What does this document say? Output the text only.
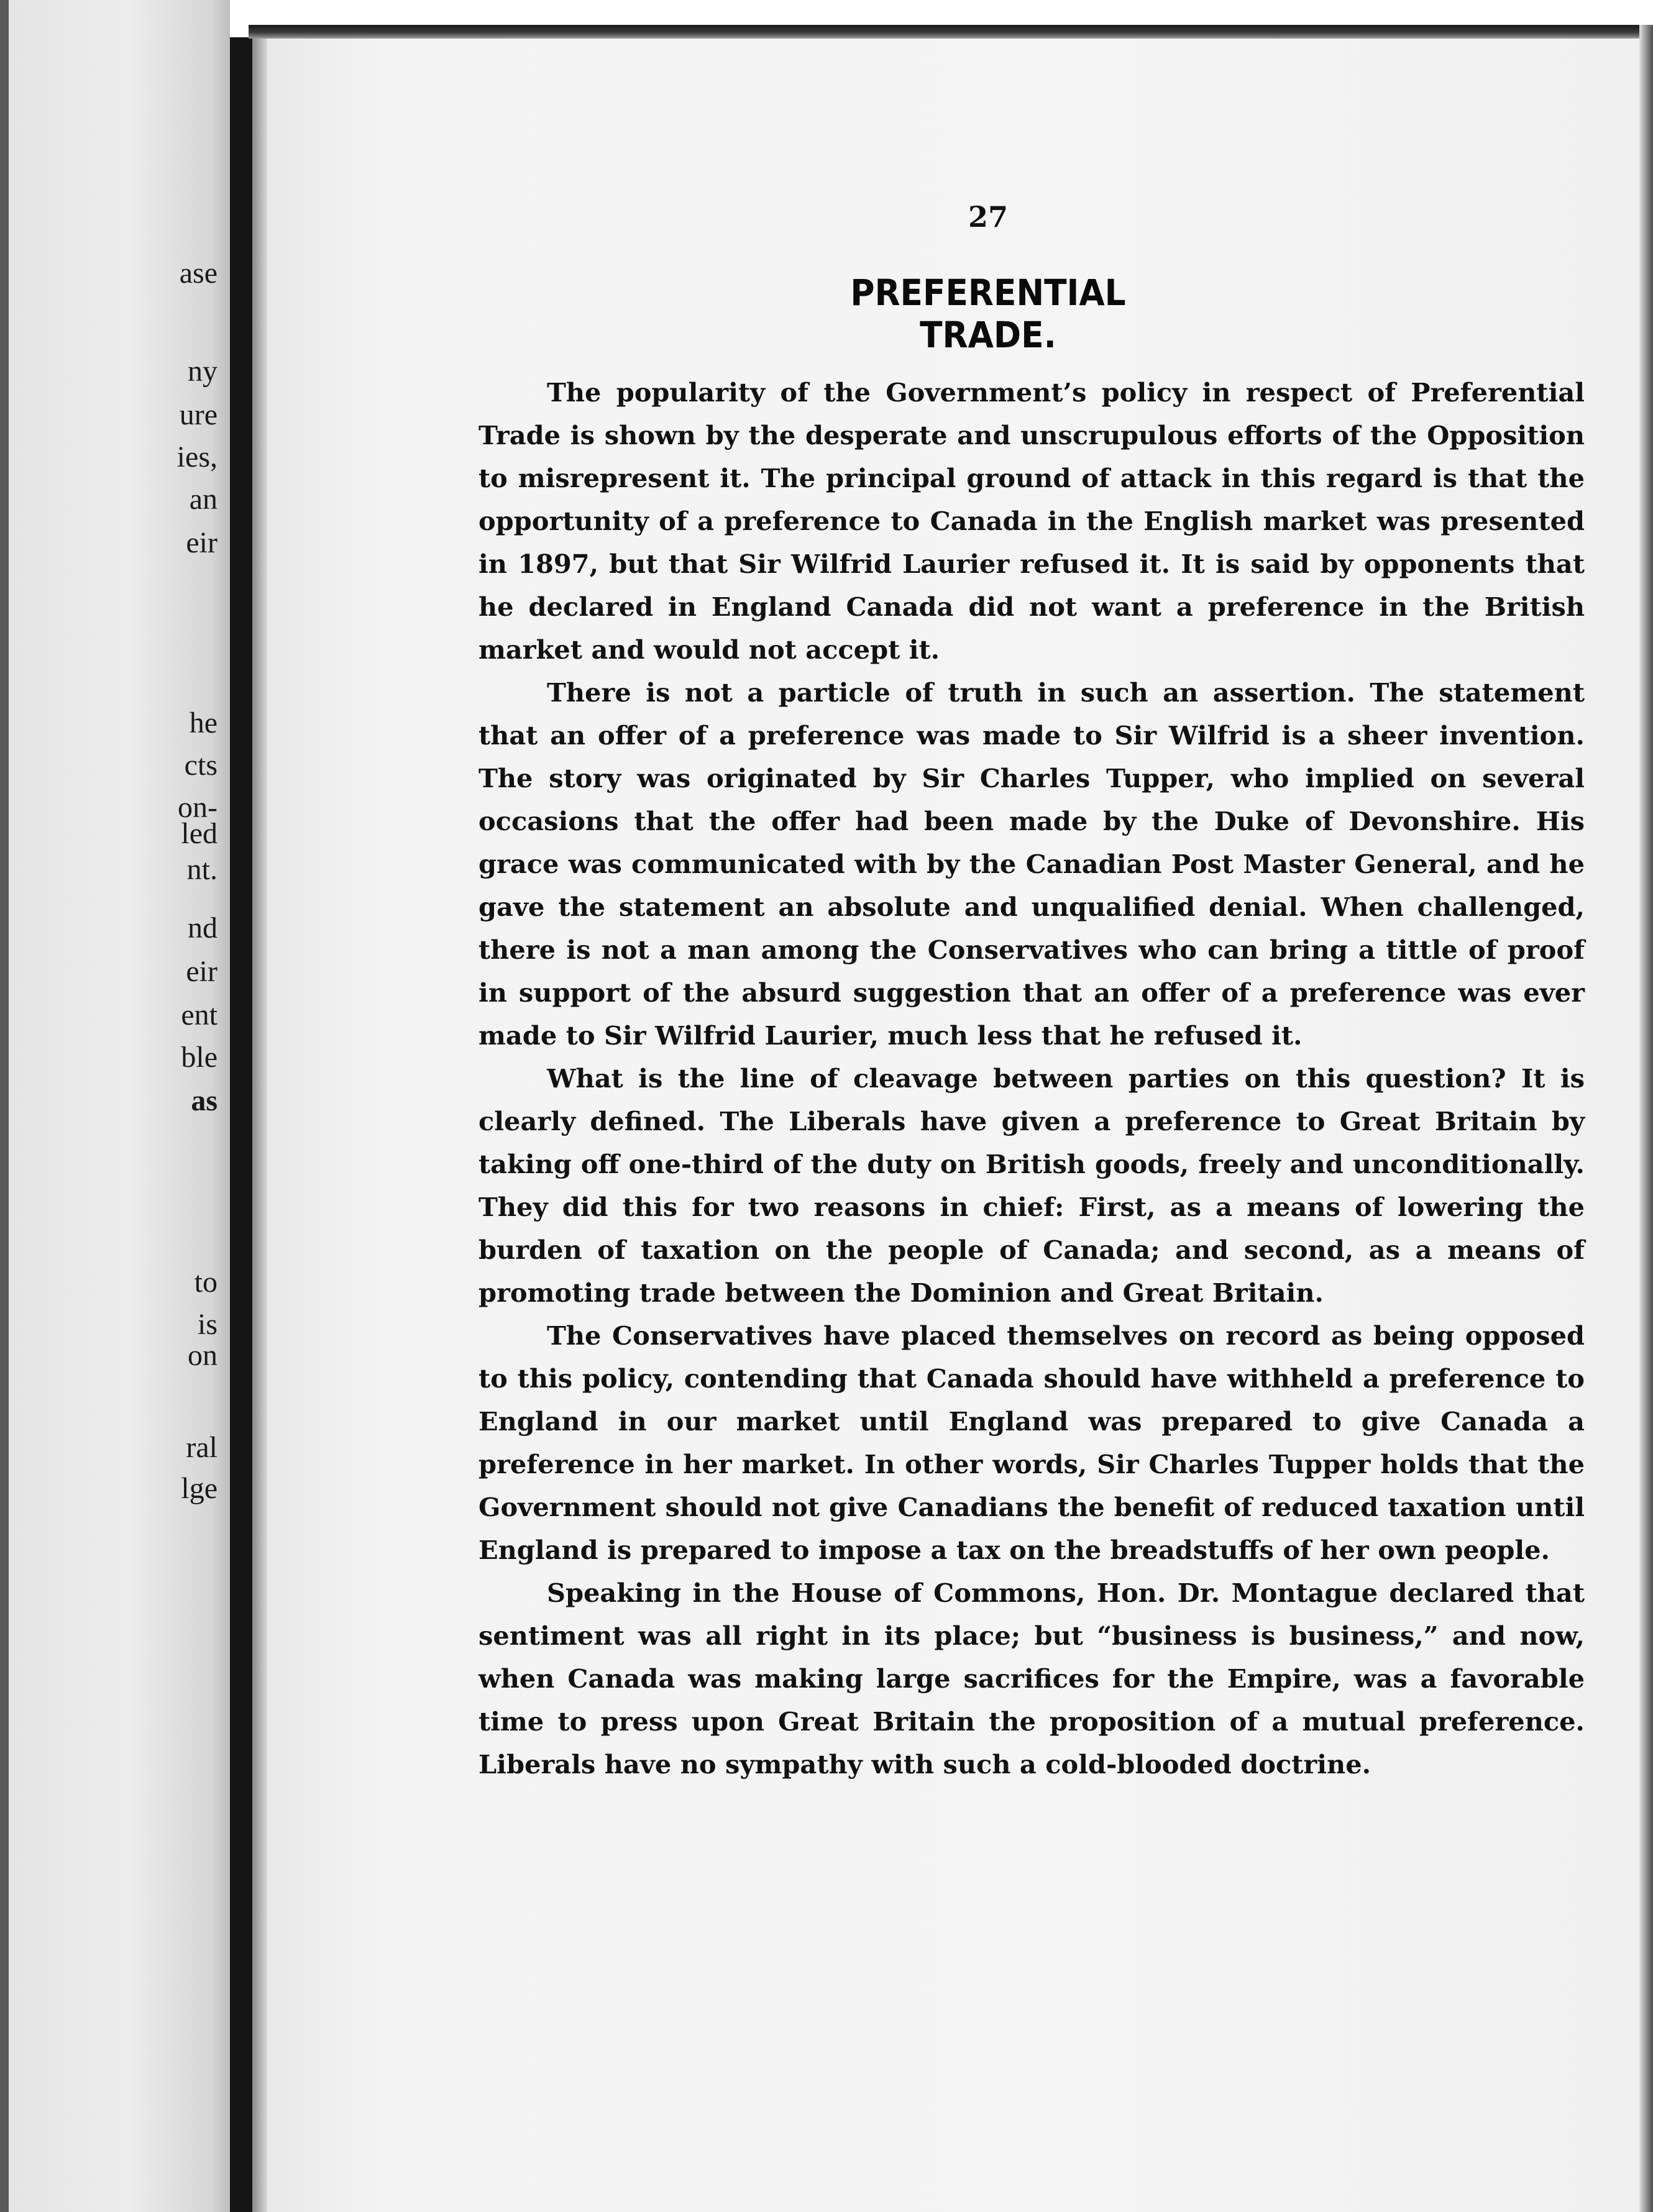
ase
ny
ure
ies,
an
eir
he
cts
on-
led
nt.
nd
eir
ent
ble
as
to
is
on
ral
lge
27
PREFERENTIAL TRADE.

The popularity of the Government’s policy in respect of Preferential Trade is shown by the desperate and unscrupulous efforts of the Opposition to misrepresent it. The principal ground of attack in this regard is that the opportunity of a preference to Canada in the English market was presented in 1897, but that Sir Wilfrid Laurier refused it. It is said by opponents that he declared in England Canada did not want a preference in the British market and would not accept it.

There is not a particle of truth in such an assertion. The statement that an offer of a preference was made to Sir Wilfrid is a sheer invention. The story was originated by Sir Charles Tupper, who implied on several occasions that the offer had been made by the Duke of Devonshire. His grace was communicated with by the Canadian Post Master General, and he gave the statement an absolute and unqualified denial. When challenged, there is not a man among the Conservatives who can bring a tittle of proof in support of the absurd suggestion that an offer of a preference was ever made to Sir Wilfrid Laurier, much less that he refused it.

What is the line of cleavage between parties on this question? It is clearly defined. The Liberals have given a preference to Great Britain by taking off one-third of the duty on British goods, freely and unconditionally. They did this for two reasons in chief: First, as a means of lowering the burden of taxation on the people of Canada; and second, as a means of promoting trade between the Dominion and Great Britain.

The Conservatives have placed themselves on record as being opposed to this policy, contending that Canada should have withheld a preference to England in our market until England was prepared to give Canada a preference in her market. In other words, Sir Charles Tupper holds that the Government should not give Canadians the benefit of reduced taxation until England is prepared to impose a tax on the breadstuffs of her own people.

Speaking in the House of Commons, Hon. Dr. Montague declared that sentiment was all right in its place; but “business is business,” and now, when Canada was making large sacrifices for the Empire, was a favorable time to press upon Great Britain the proposition of a mutual preference. Liberals have no sympathy with such a cold-blooded doctrine.
